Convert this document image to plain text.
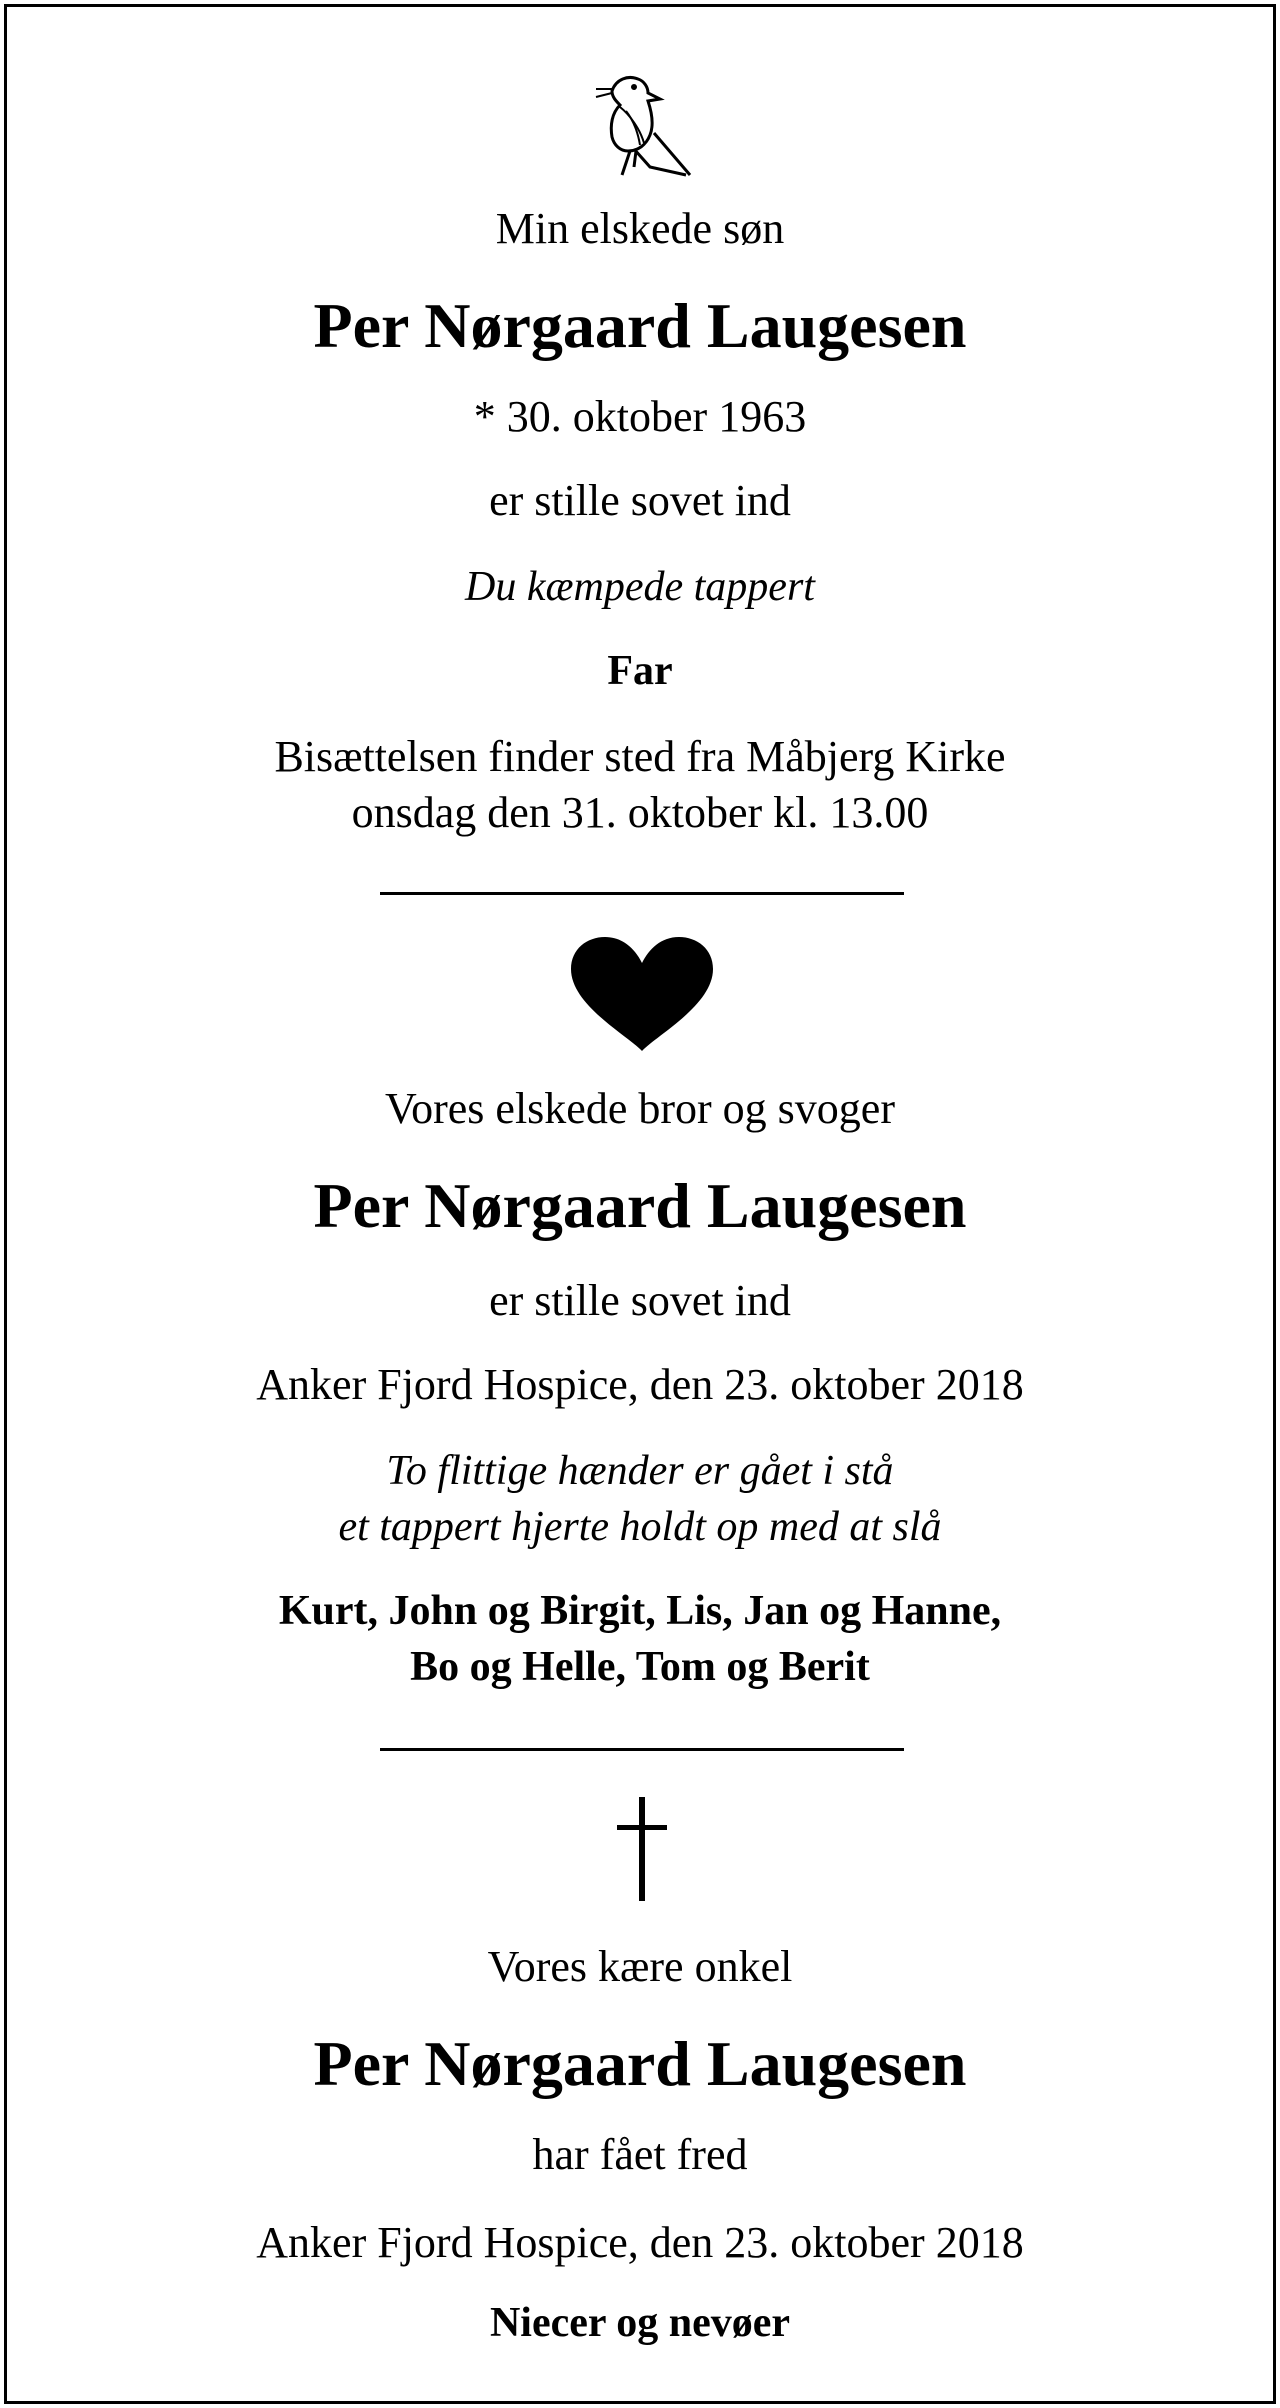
Min elskede søn
Per Nørgaard Laugesen
* 30. oktober 1963
er stille sovet ind
Du kæmpede tappert
Far
Bisættelsen finder sted fra Måbjerg Kirke
onsdag den 31. oktober kl. 13.00
Vores elskede bror og svoger
Per Nørgaard Laugesen
er stille sovet ind
Anker Fjord Hospice, den 23. oktober 2018
To flittige hænder er gået i stå
et tappert hjerte holdt op med at slå
Kurt, John og Birgit, Lis, Jan og Hanne,
Bo og Helle, Tom og Berit
Vores kære onkel
Per Nørgaard Laugesen
har fået fred
Anker Fjord Hospice, den 23. oktober 2018
Niecer og nevøer
